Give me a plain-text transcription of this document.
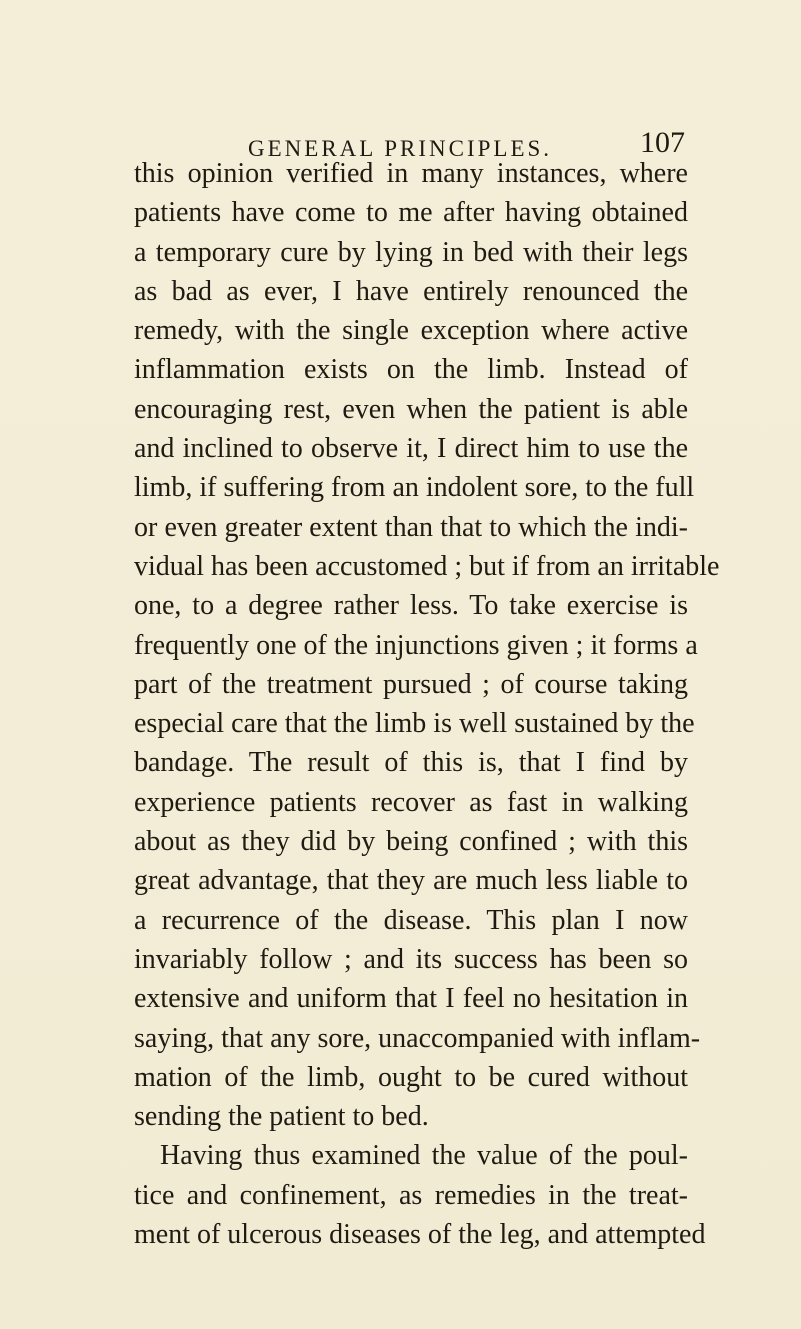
GENERAL PRINCIPLES.	107
this opinion verified in many instances, where
patients have come to me after having obtained
a temporary cure by lying in bed with their legs
as bad as ever, I have entirely renounced the
remedy, with the single exception where active
inflammation exists on the limb. Instead of
encouraging rest, even when the patient is able
and inclined to observe it, I direct him to use the
limb, if suffering from an indolent sore, to the full
or even greater extent than that to which the indi-
vidual has been accustomed ; but if from an irritable
one, to a degree rather less. To take exercise is
frequently one of the injunctions given ; it forms a
part of the treatment pursued ; of course taking
especial care that the limb is well sustained by the
bandage. The result of this is, that I find by
experience patients recover as fast in walking
about as they did by being confined ; with this
great advantage, that they are much less liable to
a recurrence of the disease. This plan I now
invariably follow ; and its success has been so
extensive and uniform that I feel no hesitation in
saying, that any sore, unaccompanied with inflam-
mation of the limb, ought to be cured without
sending the patient to bed.
Having thus examined the value of the poul-
tice and confinement, as remedies in the treat-
ment of ulcerous diseases of the leg, and attempted
